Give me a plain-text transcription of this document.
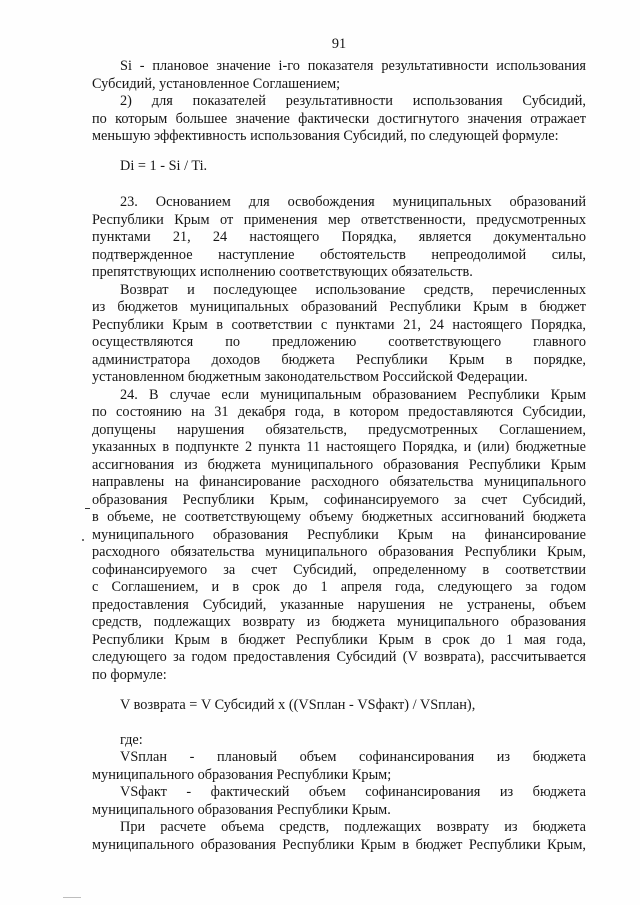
91
Si - плановое значение i-го показателя результативности использования
Субсидий, установленное Соглашением;
2) для показателей результативности использования Субсидий,
по которым большее значение фактически достигнутого значения отражает
меньшую эффективность использования Субсидий, по следующей формуле:
Di = 1 - Si / Ti.
23. Основанием для освобождения муниципальных образований
Республики Крым от применения мер ответственности, предусмотренных
пунктами 21, 24 настоящего Порядка, является документально
подтвержденное наступление обстоятельств непреодолимой силы,
препятствующих исполнению соответствующих обязательств.
Возврат и последующее использование средств, перечисленных
из бюджетов муниципальных образований Республики Крым в бюджет
Республики Крым в соответствии с пунктами 21, 24 настоящего Порядка,
осуществляются по предложению соответствующего главного
администратора доходов бюджета Республики Крым в порядке,
установленном бюджетным законодательством Российской Федерации.
24. В случае если муниципальным образованием Республики Крым
по состоянию на 31 декабря года, в котором предоставляются Субсидии,
допущены нарушения обязательств, предусмотренных Соглашением,
указанных в подпункте 2 пункта 11 настоящего Порядка, и (или) бюджетные
ассигнования из бюджета муниципального образования Республики Крым
направлены на финансирование расходного обязательства муниципального
образования Республики Крым, софинансируемого за счет Субсидий,
в объеме, не соответствующему объему бюджетных ассигнований бюджета
муниципального образования Республики Крым на финансирование
расходного обязательства муниципального образования Республики Крым,
софинансируемого за счет Субсидий, определенному в соответствии
с Соглашением, и в срок до 1 апреля года, следующего за годом
предоставления Субсидий, указанные нарушения не устранены, объем
средств, подлежащих возврату из бюджета муниципального образования
Республики Крым в бюджет Республики Крым в срок до 1 мая года,
следующего за годом предоставления Субсидий (V возврата), рассчитывается
по формуле:
V возврата = V Субсидий x ((VSплан - VSфакт) / VSплан),
где:
VSплан - плановый объем софинансирования из бюджета
муниципального образования Республики Крым;
VSфакт - фактический объем софинансирования из бюджета
муниципального образования Республики Крым.
При расчете объема средств, подлежащих возврату из бюджета
муниципального образования Республики Крым в бюджет Республики Крым,
